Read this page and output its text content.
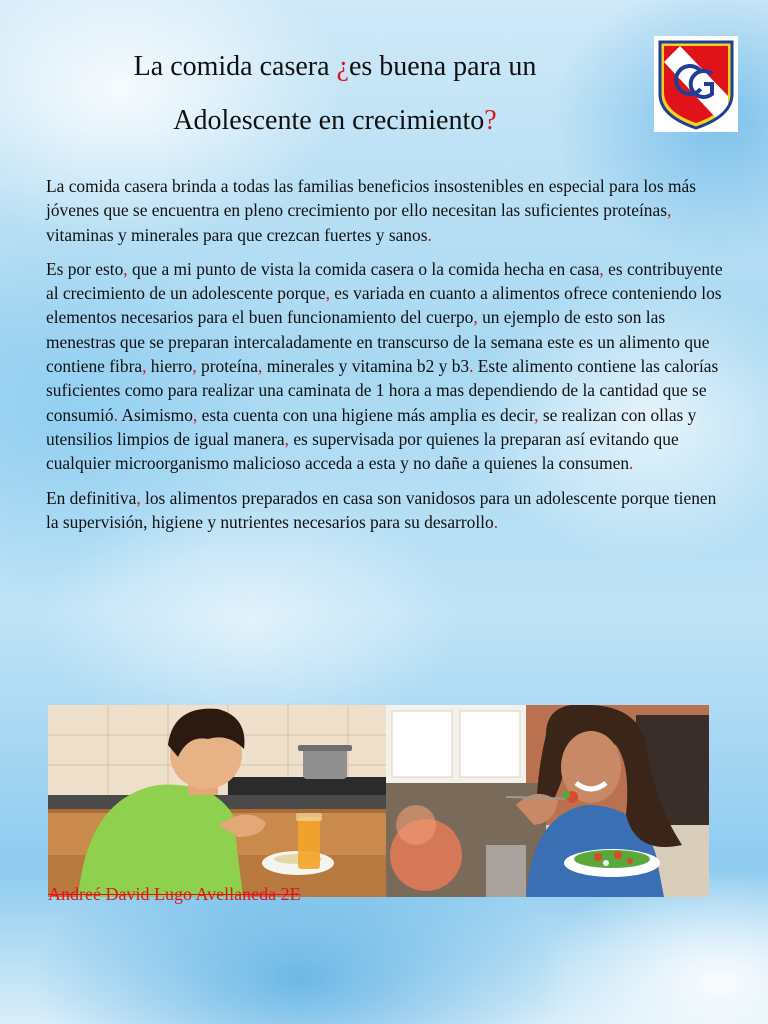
La comida casera ¿es buena para un
Adolescente en crecimiento?

La comida casera brinda a todas las familias beneficios insostenibles en especial para los más jóvenes que se encuentra en pleno crecimiento por ello necesitan las suficientes proteínas, vitaminas y minerales para que crezcan fuertes y sanos.

Es por esto, que a mi punto de vista la comida casera o la comida hecha en casa, es contribuyente al crecimiento de un adolescente porque, es variada en cuanto a alimentos ofrece conteniendo los elementos necesarios para el buen funcionamiento del cuerpo, un ejemplo de esto son las menestras que se preparan intercaladamente en transcurso de la semana este es un alimento que contiene fibra, hierro, proteína, minerales y vitamina b2 y b3. Este alimento contiene las calorías suficientes como para realizar una caminata de 1 hora a mas dependiendo de la cantidad que se consumió. Asimismo, esta cuenta con una higiene más amplia es decir, se realizan con ollas y utensilios limpios de igual manera, es supervisada por quienes la preparan así evitando que cualquier microorganismo malicioso acceda a esta y no dañe a quienes la consumen.

En definitiva, los alimentos preparados en casa son vanidosos para un adolescente porque tienen la supervisión, higiene y nutrientes necesarios para su desarrollo.

Andreé David Lugo Avellaneda 2E
